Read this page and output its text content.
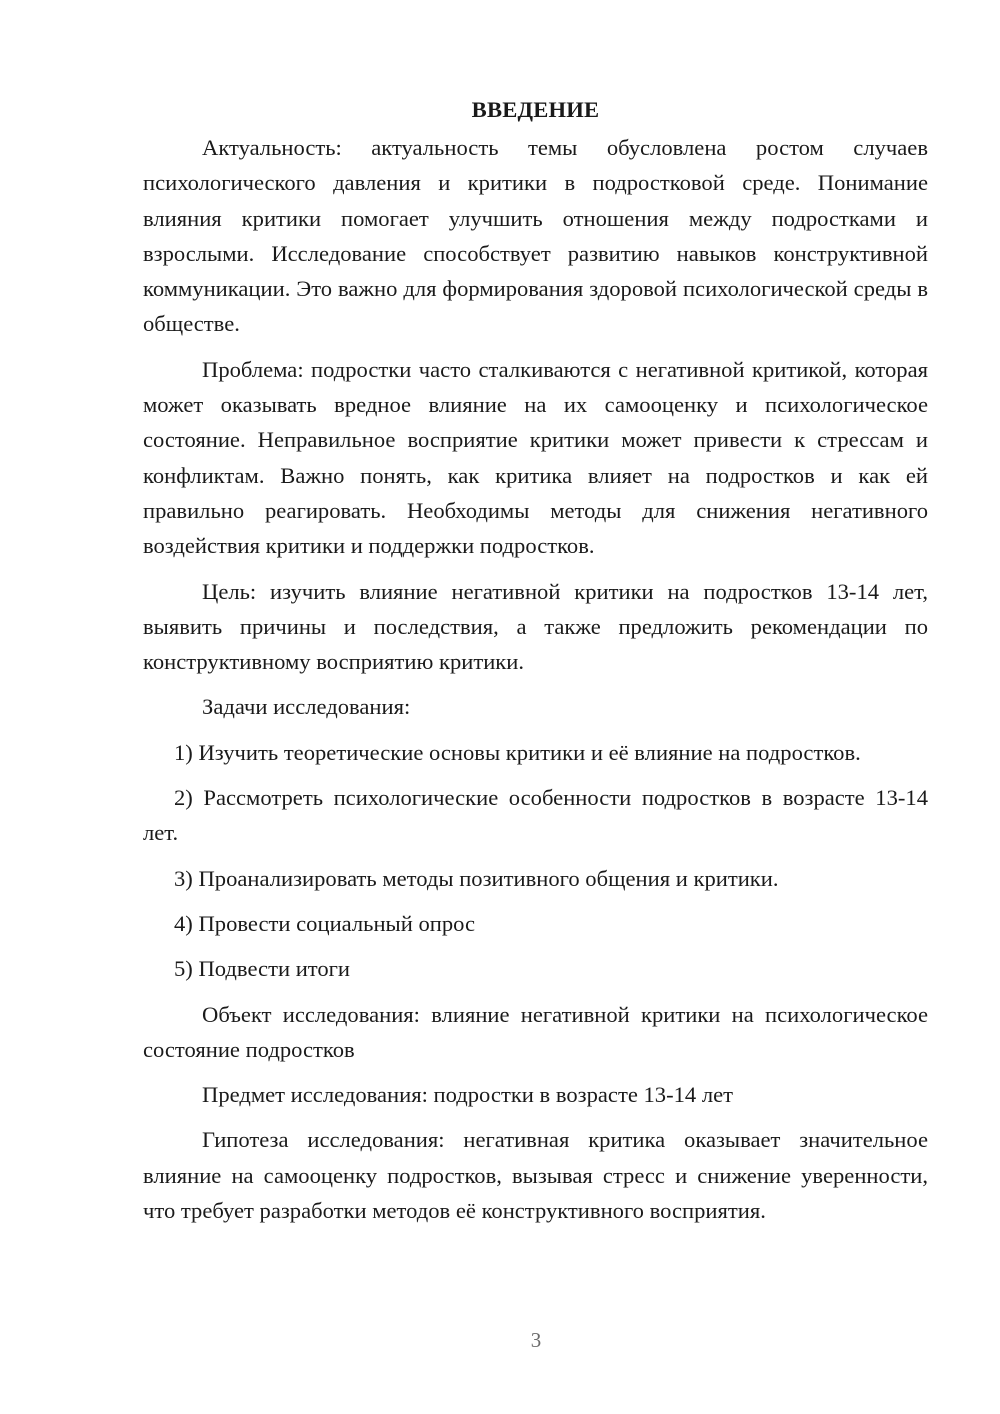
ВВЕДЕНИЕ

Актуальность: актуальность темы обусловлена ростом случаев психологического давления и критики в подростковой среде. Понимание влияния критики помогает улучшить отношения между подростками и взрослыми. Исследование способствует развитию навыков конструктивной коммуникации. Это важно для формирования здоровой психологической среды в обществе.

Проблема: подростки часто сталкиваются с негативной критикой, которая может оказывать вредное влияние на их самооценку и психологическое состояние. Неправильное восприятие критики может привести к стрессам и конфликтам. Важно понять, как критика влияет на подростков и как ей правильно реагировать. Необходимы методы для снижения негативного воздействия критики и поддержки подростков.

Цель: изучить влияние негативной критики на подростков 13-14 лет, выявить причины и последствия, а также предложить рекомендации по конструктивному восприятию критики.

Задачи исследования:

1) Изучить теоретические основы критики и её влияние на подростков.

2) Рассмотреть психологические особенности подростков в возрасте 13-14 лет.

3) Проанализировать методы позитивного общения и критики.

4) Провести социальный опрос

5) Подвести итоги

Объект исследования: влияние негативной критики на психологическое состояние подростков

Предмет исследования: подростки в возрасте 13-14 лет

Гипотеза исследования: негативная критика оказывает значительное влияние на самооценку подростков, вызывая стресс и снижение уверенности, что требует разработки методов её конструктивного восприятия.

3
